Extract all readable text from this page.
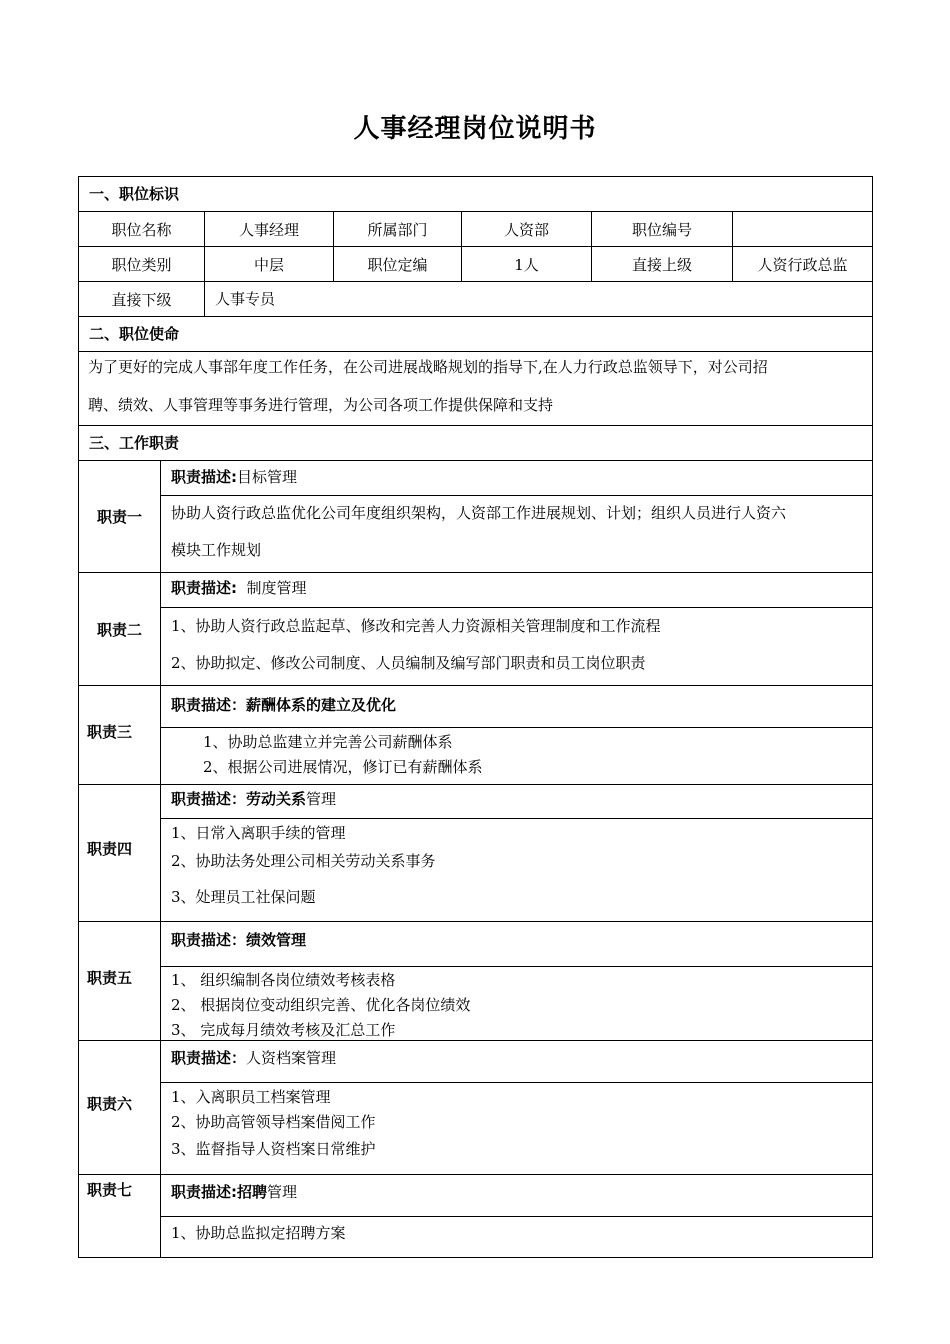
人事经理岗位说明书
一、职位标识
职位名称	人事经理	所属部门	人资部	职位编号
职位类别	中层	职位定编	1人	直接上级	人资行政总监
直接下级	人事专员
二、职位使命
为了更好的完成人事部年度工作任务，在公司进展战略规划的指导下,在人力行政总监领导下，对公司招
聘、绩效、人事管理等事务进行管理，为公司各项工作提供保障和支持
三、工作职责
职责一
职责描述:目标管理
协助人资行政总监优化公司年度组织架构，人资部工作进展规划、计划；组织人员进行人资六
模块工作规划
职责二
职责描述:  制度管理
1、协助人资行政总监起草、修改和完善人力资源相关管理制度和工作流程
2、协助拟定、修改公司制度、人员编制及编写部门职责和员工岗位职责
职责三
职责描述：薪酬体系的建立及优化
1、协助总监建立并完善公司薪酬体系
2、根据公司进展情况，修订已有薪酬体系
职责四
职责描述：劳动关系管理
1、日常入离职手续的管理
2、协助法务处理公司相关劳动关系事务
3、处理员工社保问题
职责五
职责描述：绩效管理
1、 组织编制各岗位绩效考核表格
2、 根据岗位变动组织完善、优化各岗位绩效
3、 完成每月绩效考核及汇总工作
职责六
职责描述：人资档案管理
1、入离职员工档案管理
2、协助高管领导档案借阅工作
3、监督指导人资档案日常维护
职责七	职责描述:招聘管理
1、协助总监拟定招聘方案
